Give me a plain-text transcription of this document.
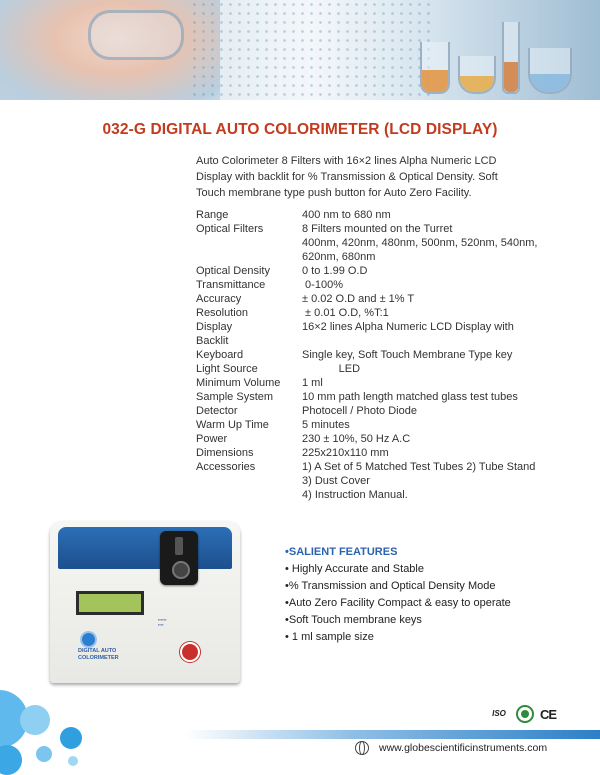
032-G DIGITAL AUTO COLORIMETER (LCD DISPLAY)
Auto Colorimeter 8 Filters with 16×2 lines Alpha Numeric LCD
Display with backlit for % Transmission & Optical Density. Soft
Touch membrane type push button for Auto Zero Facility.
Range	400 nm to 680 nm
Optical Filters	8 Filters mounted on the Turret
400nm, 420nm, 480nm, 500nm, 520nm, 540nm,
620nm, 680nm
Optical Density	0 to 1.99 O.D
Transmittance	0-100%
Accuracy	± 0.02 O.D and ± 1% T
Resolution	± 0.01 O.D, %T:1
Display	16×2 lines Alpha Numeric LCD Display with
Backlit
Keyboard	Single key, Soft Touch Membrane Type key
Light Source	LED
Minimum Volume	1 ml
Sample System	10 mm path length matched glass test tubes
Detector	Photocell / Photo Diode
Warm Up Time	5 minutes
Power	230 ± 10%, 50 Hz A.C
Dimensions	225x210x110 mm
Accessories	1) A Set of 5 Matched Test Tubes 2) Tube Stand
3) Dust Cover
4) Instruction Manual.
▪▪▪▪▪▪
▪▪▪▪
DIGITAL AUTO
COLORIMETER
•SALIENT FEATURES
• Highly Accurate and Stable
•% Transmission and Optical Density Mode
•Auto Zero Facility Compact & easy to operate
•Soft Touch membrane keys
• 1 ml sample size
ISO	CE
www.globescientificinstruments.com
